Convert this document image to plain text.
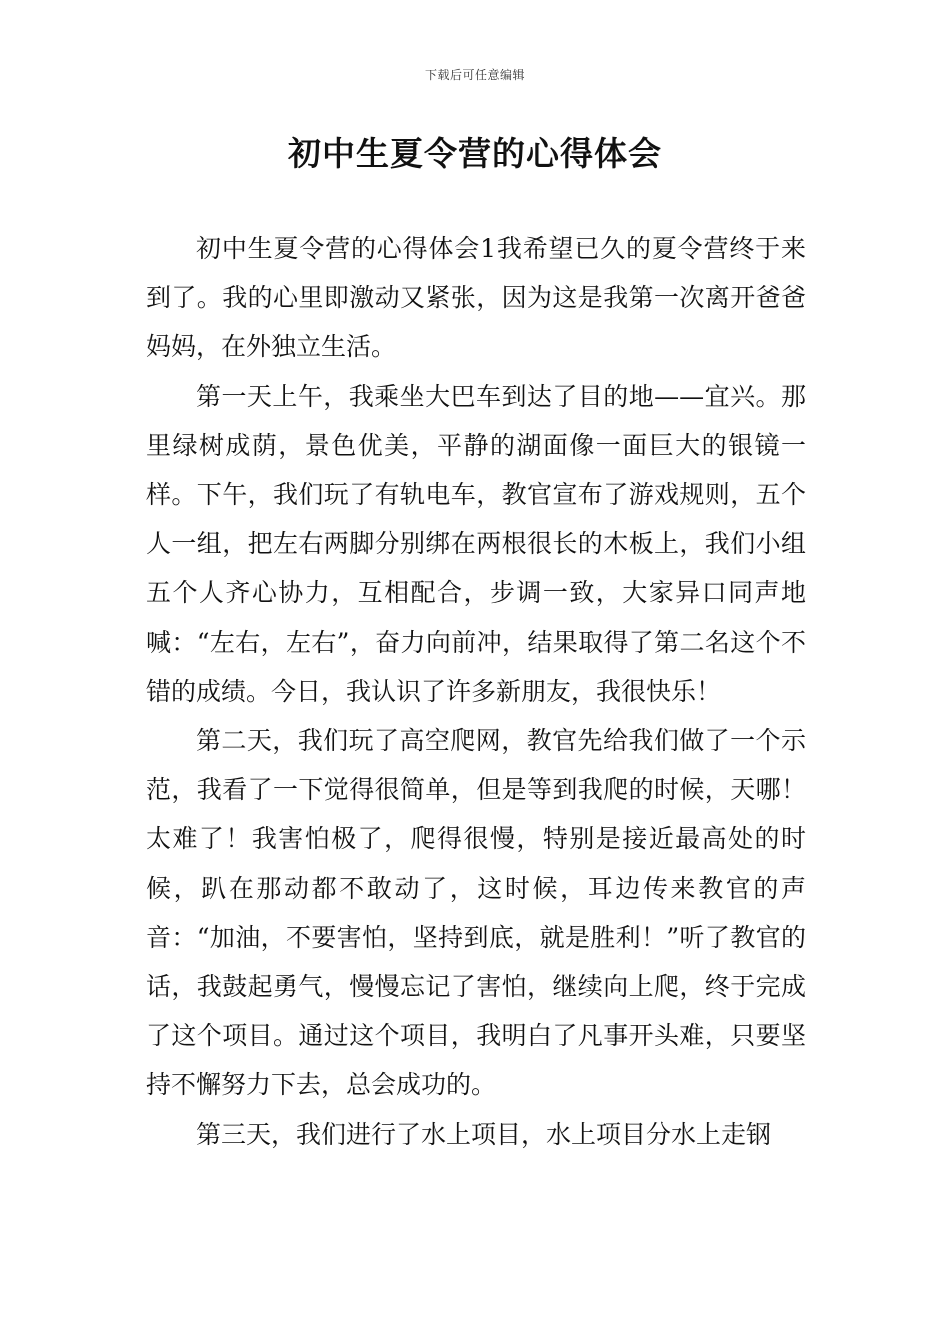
下载后可任意编辑
初中生夏令营的心得体会

初中生夏令营的心得体会1我希望已久的夏令营终于来到了。我的心里即激动又紧张，因为这是我第一次离开爸爸妈妈，在外独立生活。

第一天上午，我乘坐大巴车到达了目的地——宜兴。那里绿树成荫，景色优美，平静的湖面像一面巨大的银镜一样。下午，我们玩了有轨电车，教官宣布了游戏规则，五个人一组，把左右两脚分别绑在两根很长的木板上，我们小组五个人齐心协力，互相配合，步调一致，大家异口同声地喊：“左右，左右”，奋力向前冲，结果取得了第二名这个不错的成绩。今日，我认识了许多新朋友，我很快乐！

第二天，我们玩了高空爬网，教官先给我们做了一个示范，我看了一下觉得很简单，但是等到我爬的时候，天哪！太难了！我害怕极了，爬得很慢，特别是接近最高处的时候，趴在那动都不敢动了，这时候，耳边传来教官的声音：“加油，不要害怕，坚持到底，就是胜利！”听了教官的话，我鼓起勇气，慢慢忘记了害怕，继续向上爬，终于完成了这个项目。通过这个项目，我明白了凡事开头难，只要坚持不懈努力下去，总会成功的。

第三天，我们进行了水上项目，水上项目分水上走钢
